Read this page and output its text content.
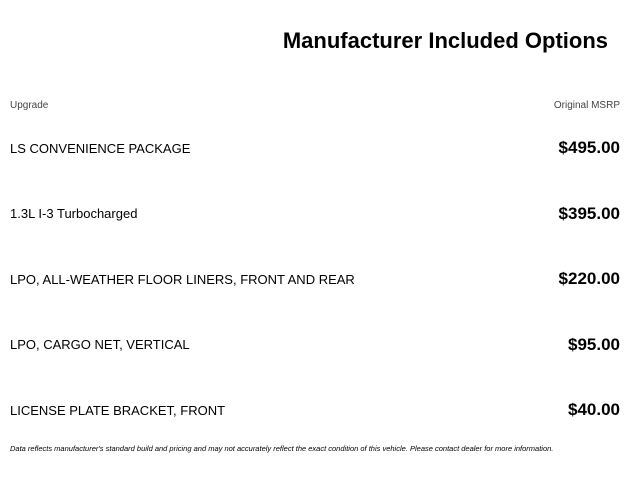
Manufacturer Included Options
Upgrade	Original MSRP
LS CONVENIENCE PACKAGE	$495.00
1.3L I-3 Turbocharged	$395.00
LPO, ALL-WEATHER FLOOR LINERS, FRONT AND REAR	$220.00
LPO, CARGO NET, VERTICAL	$95.00
LICENSE PLATE BRACKET, FRONT	$40.00
Data reflects manufacturer's standard build and pricing and may not accurately reflect the exact condition of this vehicle. Please contact dealer for more information.
